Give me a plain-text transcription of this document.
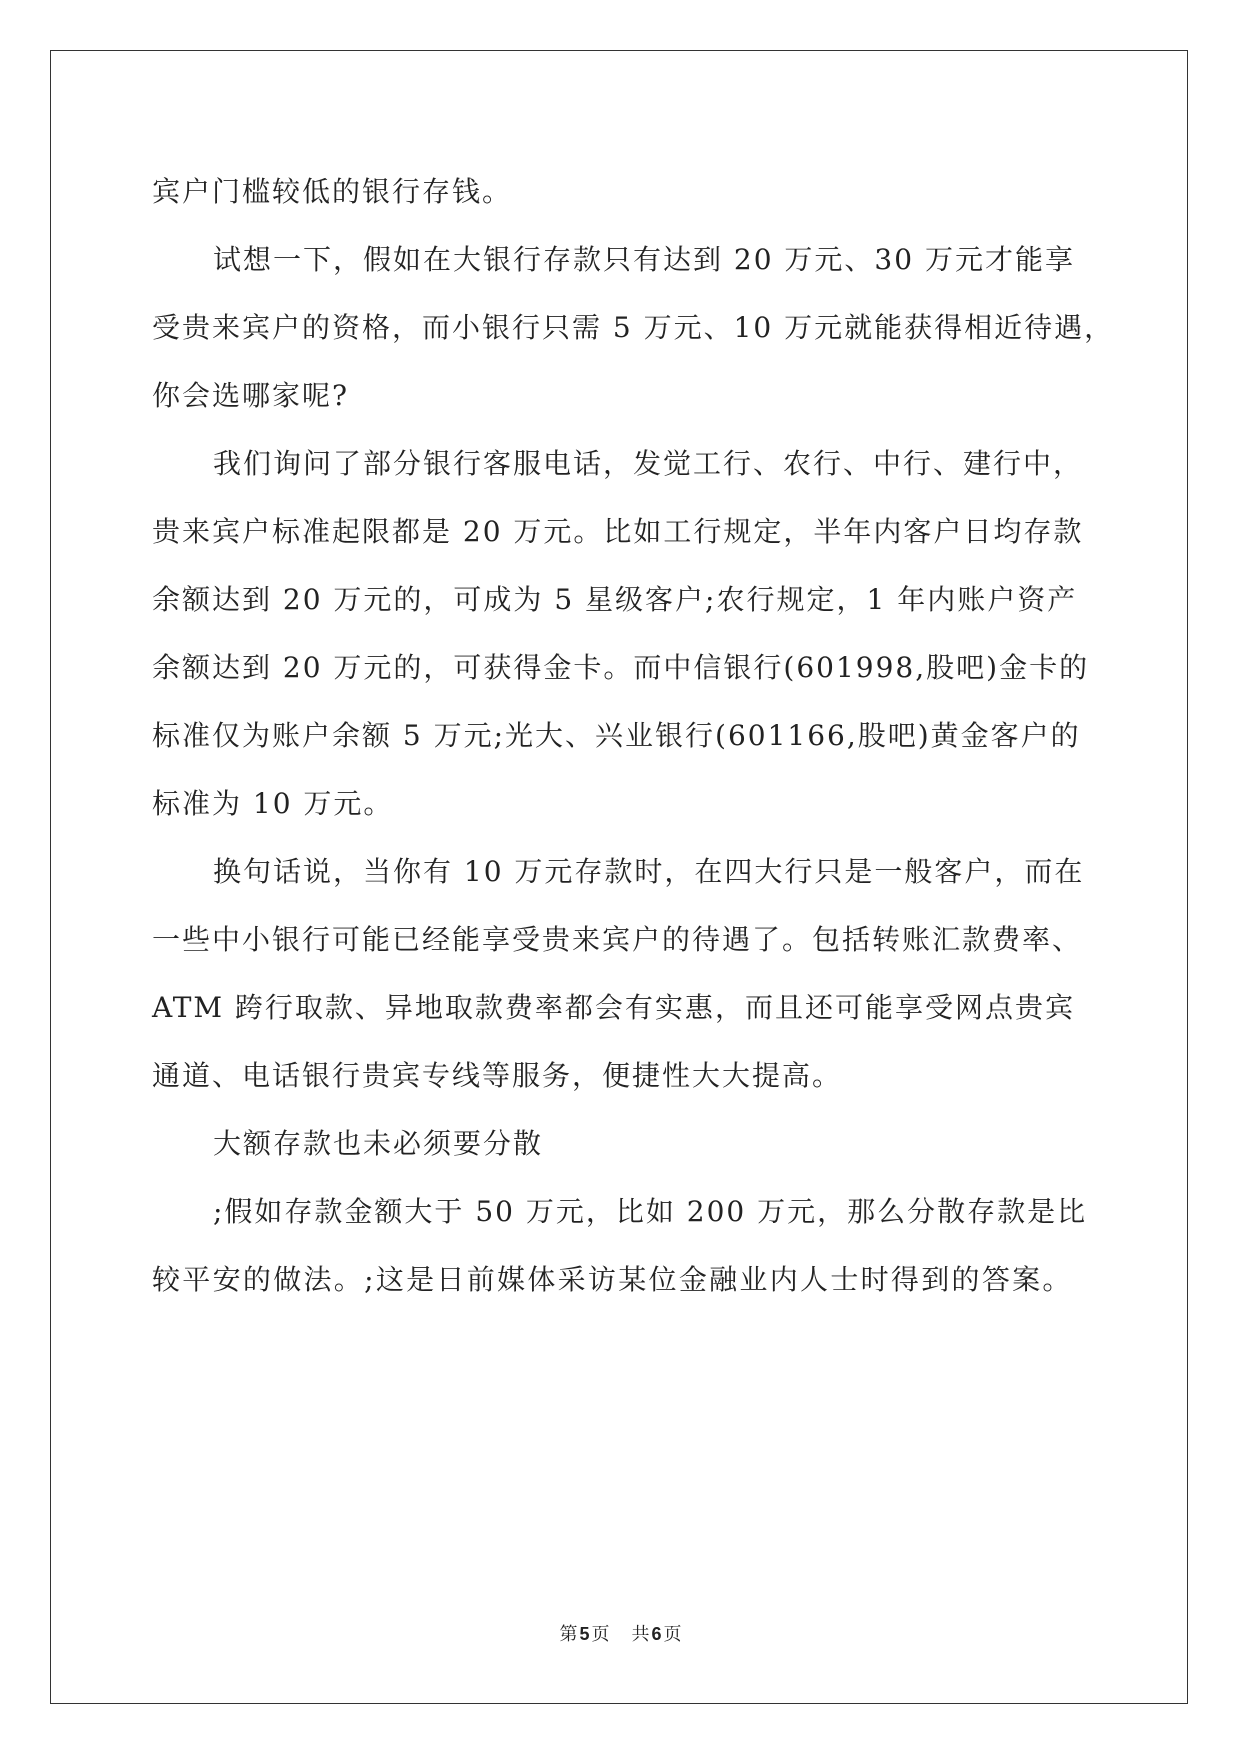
宾户门槛较低的银行存钱。
试想一下，假如在大银行存款只有达到 20 万元、30 万元才能享
受贵来宾户的资格，而小银行只需 5 万元、10 万元就能获得相近待遇，
你会选哪家呢?
我们询问了部分银行客服电话，发觉工行、农行、中行、建行中，
贵来宾户标准起限都是 20 万元。比如工行规定，半年内客户日均存款
余额达到 20 万元的，可成为 5 星级客户;农行规定，1 年内账户资产
余额达到 20 万元的，可获得金卡。而中信银行(601998,股吧)金卡的
标准仅为账户余额 5 万元;光大、兴业银行(601166,股吧)黄金客户的
标准为 10 万元。
换句话说，当你有 10 万元存款时，在四大行只是一般客户，而在
一些中小银行可能已经能享受贵来宾户的待遇了。包括转账汇款费率、
ATM 跨行取款、异地取款费率都会有实惠，而且还可能享受网点贵宾
通道、电话银行贵宾专线等服务，便捷性大大提高。
大额存款也未必须要分散
;假如存款金额大于 50 万元，比如 200 万元，那么分散存款是比
较平安的做法。;这是日前媒体采访某位金融业内人士时得到的答案。
第 5 页 共 6 页
